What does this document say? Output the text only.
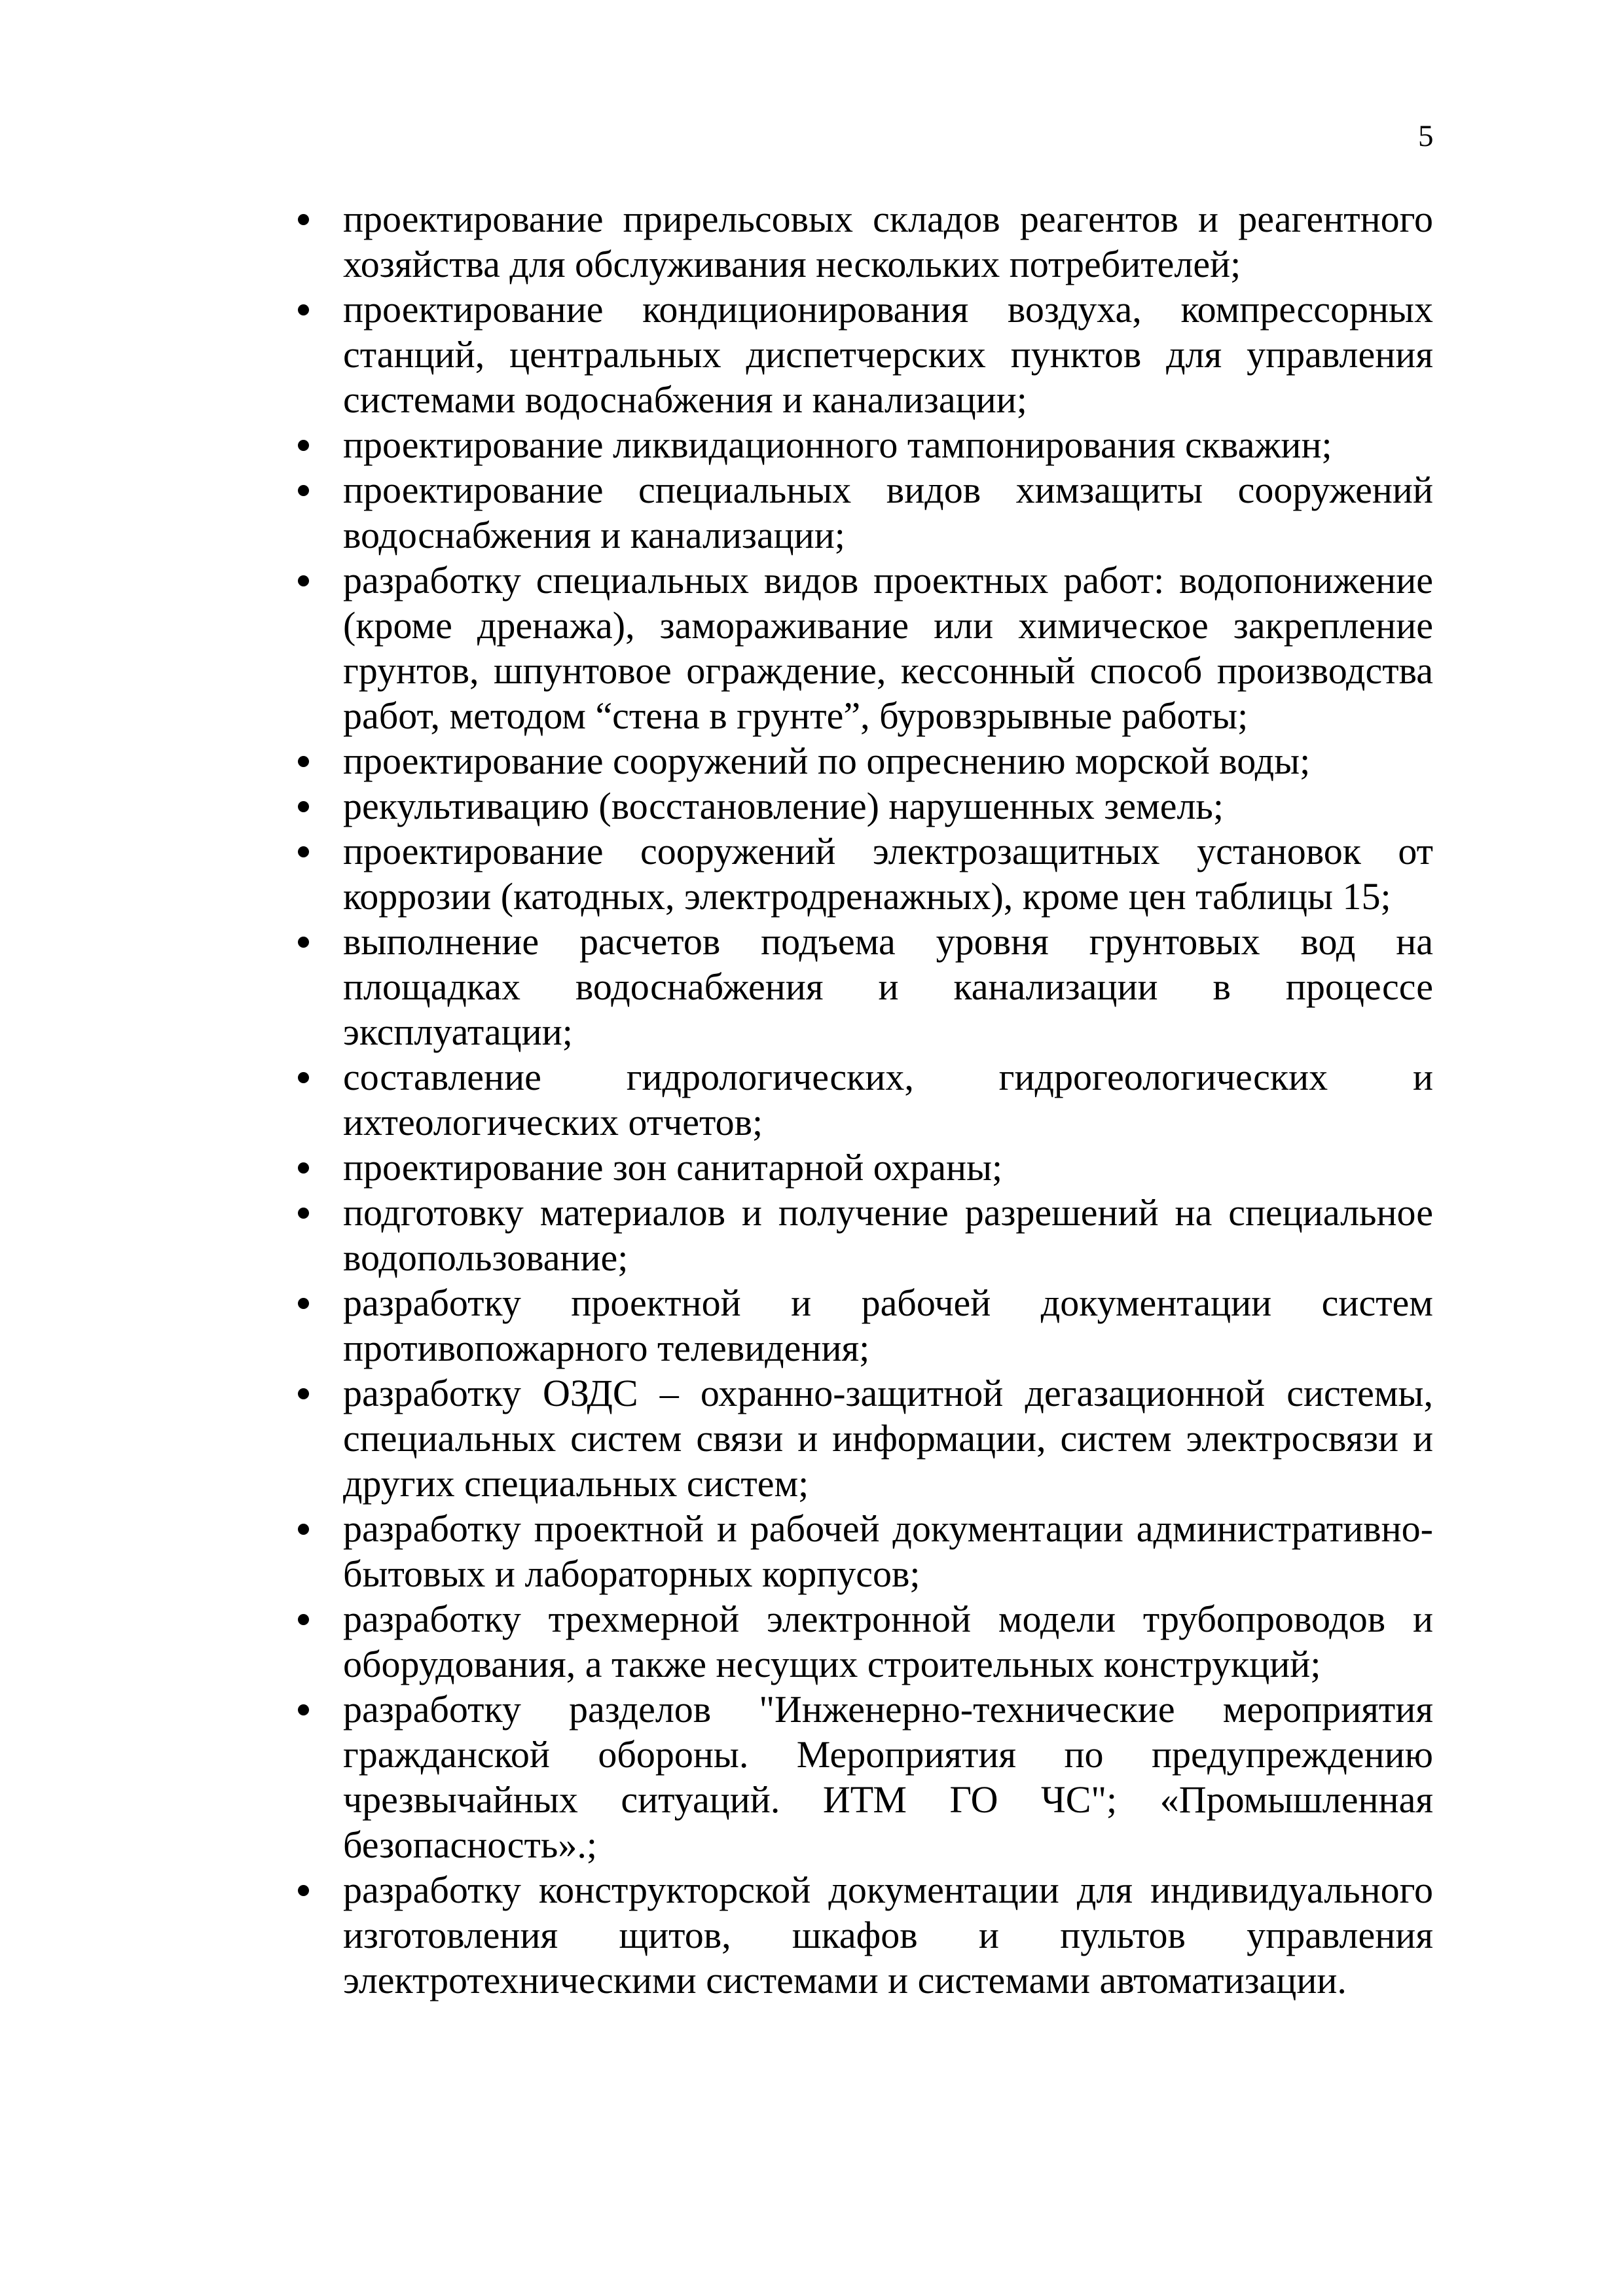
5
проектирование прирельсовых складов реагентов и реагентного хозяйства для обслуживания нескольких потребителей;
проектирование кондиционирования воздуха, компрессорных станций, центральных диспетчерских пунктов для управления системами водоснабжения и канализации;
проектирование ликвидационного тампонирования скважин;
проектирование специальных видов химзащиты сооружений водоснабжения и канализации;
разработку специальных видов проектных работ: водопонижение (кроме дренажа), замораживание или химическое закрепление грунтов, шпунтовое ограждение, кессонный способ производства работ, методом “стена в грунте”, буровзрывные работы;
проектирование сооружений по опреснению морской воды;
рекультивацию (восстановление) нарушенных земель;
проектирование сооружений электрозащитных установок от коррозии (катодных, электродренажных), кроме цен таблицы 15;
выполнение расчетов подъема уровня грунтовых вод на площадках водоснабжения и канализации в процессе эксплуатации;
составление гидрологических, гидрогеологических и ихтеологических отчетов;
проектирование зон санитарной охраны;
подготовку материалов и получение разрешений на специальное водопользование;
разработку проектной и рабочей документации систем противопожарного телевидения;
разработку ОЗДС – охранно-защитной дегазационной системы, специальных систем связи и информации, систем электросвязи и других специальных систем;
разработку проектной и рабочей документации административно-бытовых и лабораторных корпусов;
разработку трехмерной электронной модели трубопроводов и оборудования, а также несущих строительных конструкций;
разработку разделов "Инженерно-технические мероприятия гражданской обороны. Мероприятия по предупреждению чрезвычайных ситуаций. ИТМ ГО ЧС"; «Промышленная безопасность».;
разработку конструкторской документации для индивидуального изготовления щитов, шкафов и пультов управления электротехническими системами и системами автоматизации.
